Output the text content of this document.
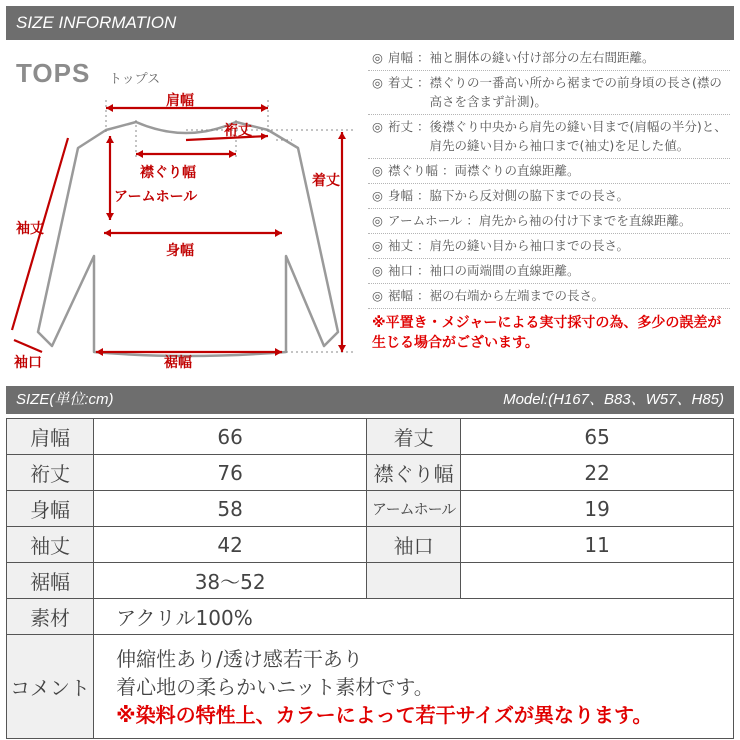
SIZE INFORMATION
TOPS トップス
肩幅
裄丈
襟ぐり幅	着丈
アームホール
袖丈
身幅
袖口	裾幅
◎ 肩幅 ： 袖と胴体の縫い付け部分の左右間距離。
◎ 着丈 ： 襟ぐりの一番高い所から裾までの前身頃の長さ(襟の高さを含まず計測)。
◎ 裄丈 ： 後襟ぐり中央から肩先の縫い目まで(肩幅の半分)と、肩先の縫い目から袖口まで(袖丈)を足した値。
◎ 襟ぐり幅 ： 両襟ぐりの直線距離。
◎ 身幅 ： 脇下から反対側の脇下までの長さ。
◎ アームホール ： 肩先から袖の付け下までを直線距離。
◎ 袖丈 ： 肩先の縫い目から袖口までの長さ。
◎ 袖口 ： 袖口の両端間の直線距離。
◎ 裾幅 ： 裾の右端から左端までの長さ。
※平置き・メジャーによる実寸採寸の為、多少の誤差が生じる場合がございます。
SIZE(単位:cm)	Model:(H167、B83、W57、H85)
肩幅	66	着丈	65
裄丈	76	襟ぐり幅	22
身幅	58	アームホール	19
袖丈	42	袖口	11
裾幅	38〜52		
素材	アクリル100%		
コメント	伸縮性あり/透け感若干あり
着心地の柔らかいニット素材です。
※染料の特性上、カラーによって若干サイズが異なります。		
